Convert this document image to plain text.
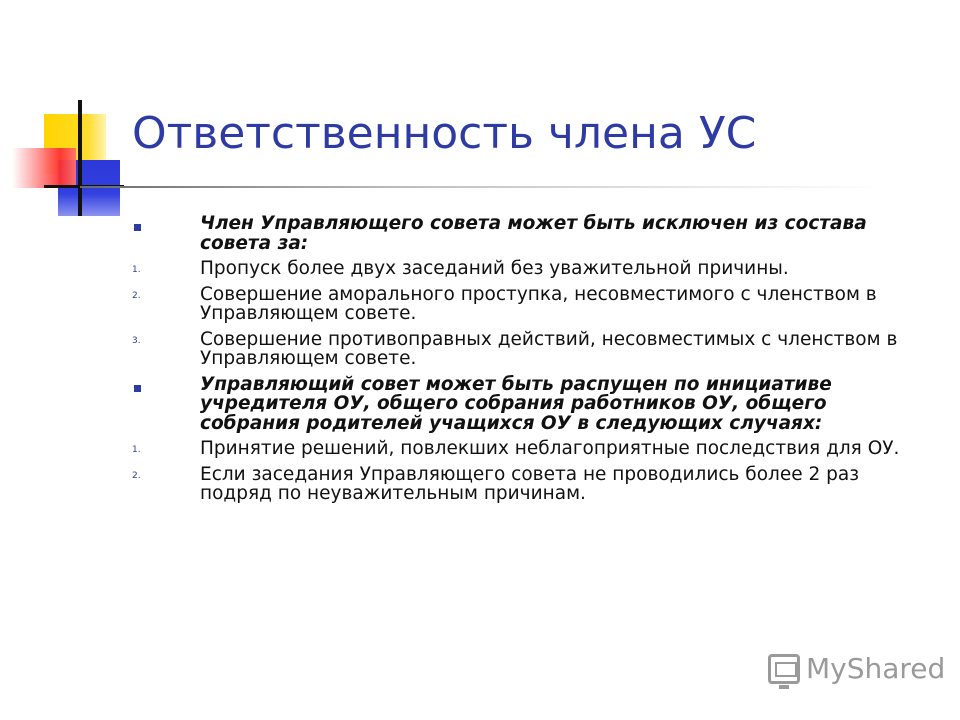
Ответственность члена УС
Член Управляющего совета может быть исключен из состава совета за:
1.	Пропуск более двух заседаний без уважительной причины.
2.	Совершение аморального проступка, несовместимого с членством в Управляющем совете.
3.	Совершение противоправных действий, несовместимых с членством в Управляющем совете.
Управляющий совет может быть распущен по инициативе учредителя ОУ, общего собрания работников ОУ, общего собрания родителей учащихся ОУ в следующих случаях:
1.	Принятие решений, повлекших неблагоприятные последствия для ОУ.
2.	Если заседания Управляющего совета не проводились более 2 раз подряд по неуважительным причинам.
MyShared
